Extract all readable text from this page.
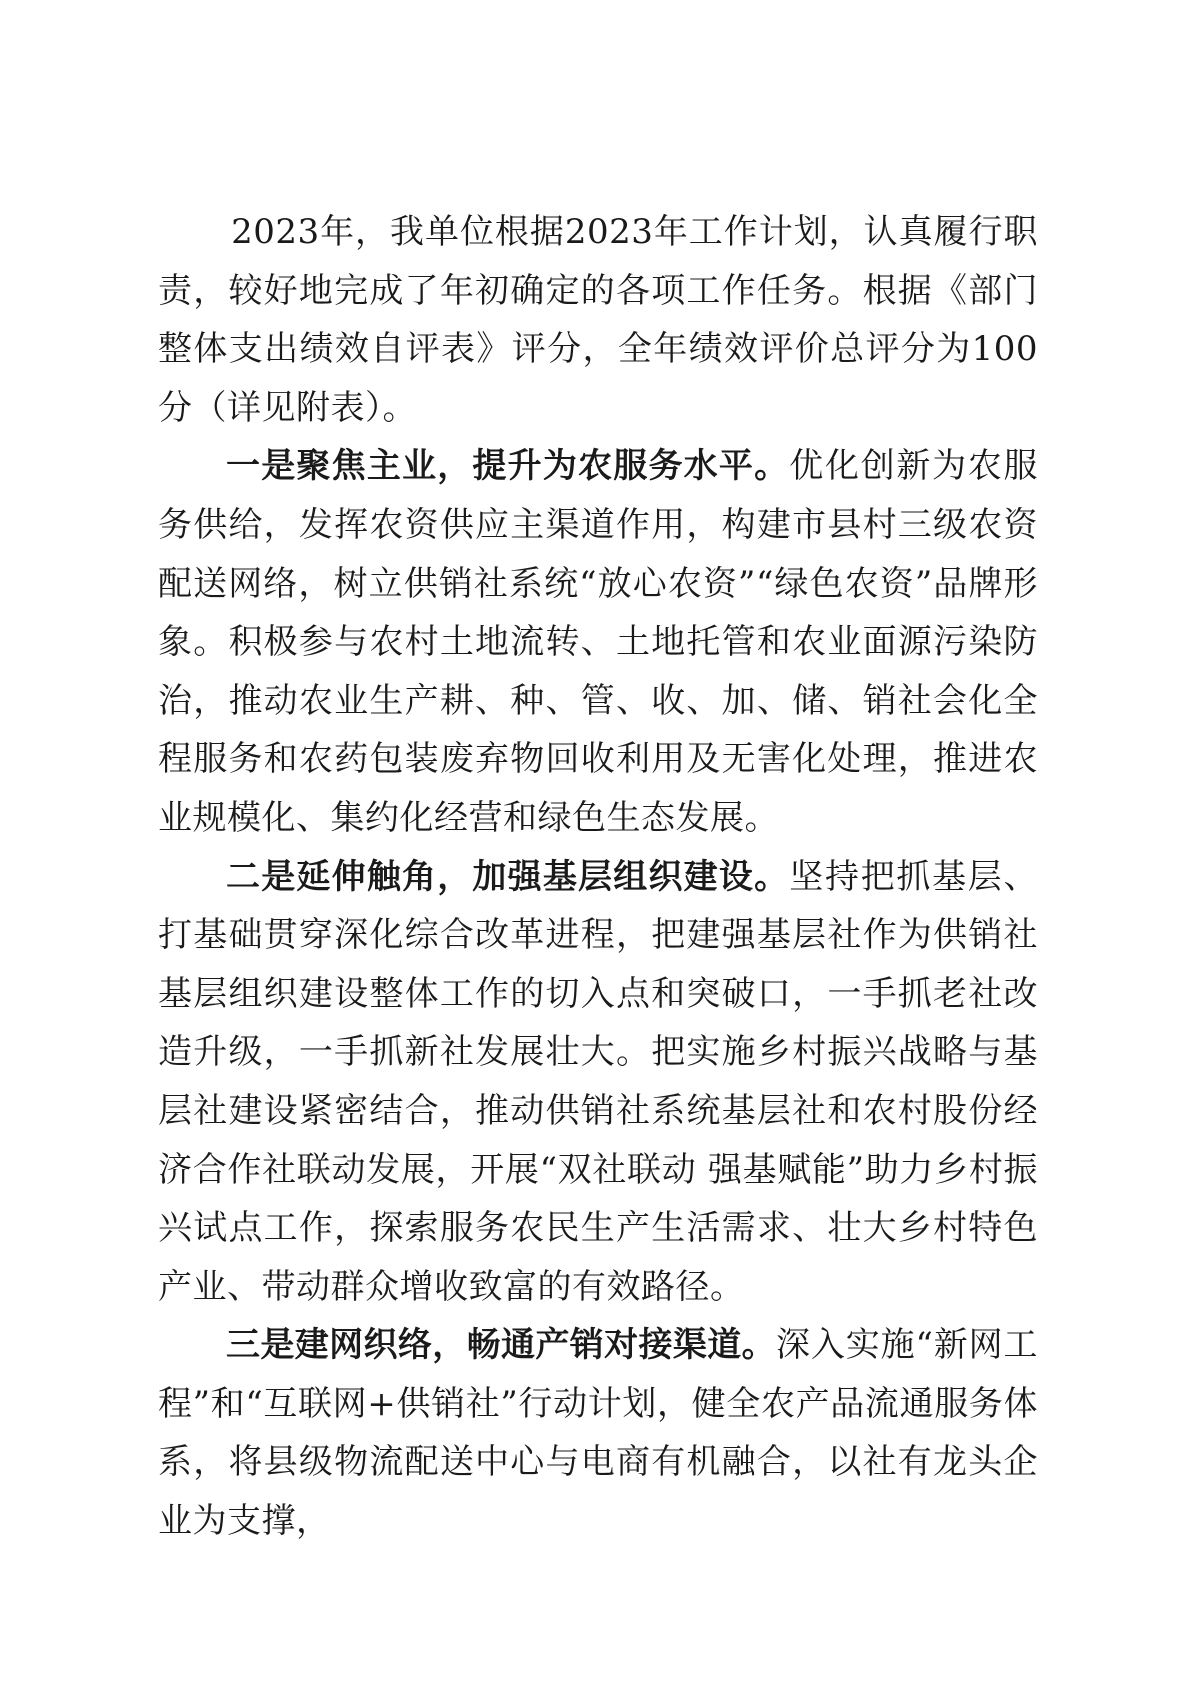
2023年，我单位根据2023年工作计划，认真履行职责，较好地完成了年初确定的各项工作任务。根据《部门整体支出绩效自评表》评分，全年绩效评价总评分为100分（详见附表）。

一是聚焦主业，提升为农服务水平。优化创新为农服务供给，发挥农资供应主渠道作用，构建市县村三级农资配送网络，树立供销社系统“放心农资”“绿色农资”品牌形象。积极参与农村土地流转、土地托管和农业面源污染防治，推动农业生产耕、种、管、收、加、储、销社会化全程服务和农药包装废弃物回收利用及无害化处理，推进农业规模化、集约化经营和绿色生态发展。

二是延伸触角，加强基层组织建设。坚持把抓基层、打基础贯穿深化综合改革进程，把建强基层社作为供销社基层组织建设整体工作的切入点和突破口，一手抓老社改造升级，一手抓新社发展壮大。把实施乡村振兴战略与基层社建设紧密结合，推动供销社系统基层社和农村股份经济合作社联动发展，开展“双社联动 强基赋能”助力乡村振兴试点工作，探索服务农民生产生活需求、壮大乡村特色产业、带动群众增收致富的有效路径。

三是建网织络，畅通产销对接渠道。深入实施“新网工程”和“互联网+供销社”行动计划，健全农产品流通服务体系，将县级物流配送中心与电商有机融合，以社有龙头企业为支撑，
